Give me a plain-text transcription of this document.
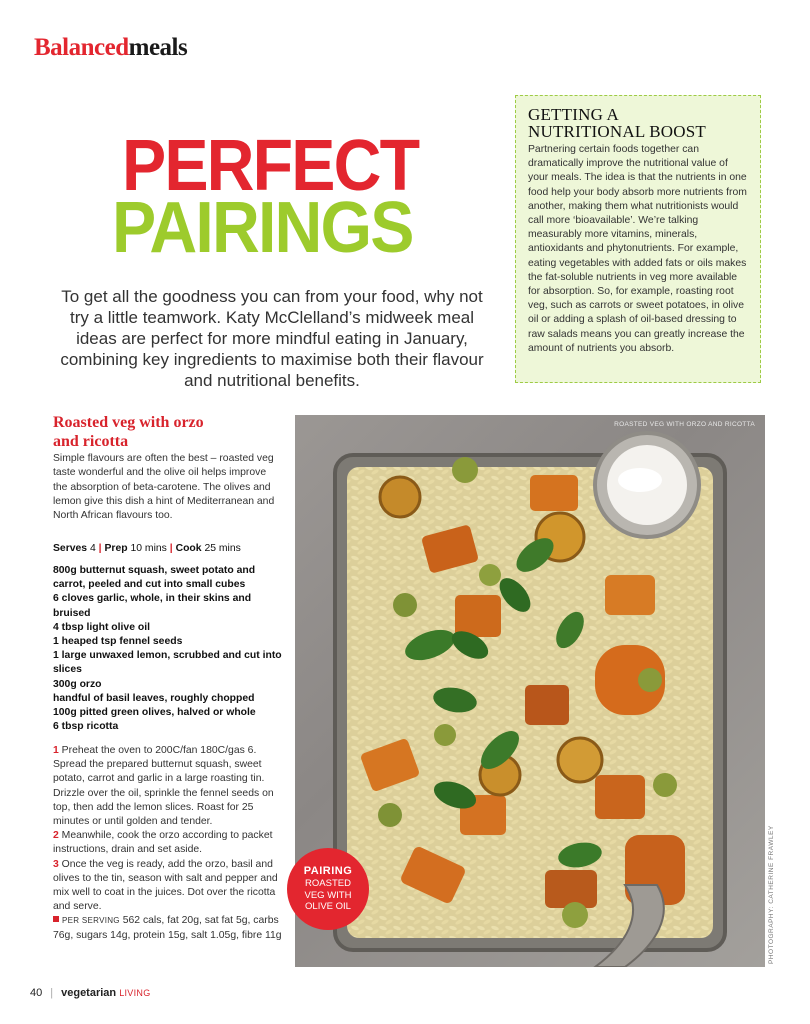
Balancedmeals
PERFECT
PAIRINGS
To get all the goodness you can from your food, why not try a little teamwork. Katy McClelland’s midweek meal ideas are perfect for more mindful eating in January, combining key ingredients to maximise both their flavour and nutritional benefits.
GETTING A
NUTRITIONAL BOOST

Partnering certain foods together can dramatically improve the nutritional value of your meals. The idea is that the nutrients in one food help your body absorb more nutrients from another, making them what nutritionists would call more ‘bioavailable’. We’re talking measurably more vitamins, minerals, antioxidants and phytonutrients. For example, eating vegetables with added fats or oils makes the fat-soluble nutrients in veg more available for absorption. So, for example, roasting root veg, such as carrots or sweet potatoes, in olive oil or adding a splash of oil-based dressing to raw salads means you can greatly increase the amount of nutrients you absorb.

Roasted veg with orzo
and ricotta
Simple flavours are often the best – roasted veg taste wonderful and the olive oil helps improve the absorption of beta-carotene. The olives and lemon give this dish a hint of Mediterranean and North African flavours too.
Serves 4 | Prep 10 mins | Cook 25 mins
800g butternut squash, sweet potato and carrot, peeled and cut into small cubes
6 cloves garlic, whole, in their skins and bruised
4 tbsp light olive oil
1 heaped tsp fennel seeds
1 large unwaxed lemon, scrubbed and cut into slices
300g orzo
handful of basil leaves, roughly chopped
100g pitted green olives, halved or whole
6 tbsp ricotta

1 Preheat the oven to 200C/fan 180C/gas 6. Spread the prepared butternut squash, sweet potato, carrot and garlic in a large roasting tin. Drizzle over the oil, sprinkle the fennel seeds on top, then add the lemon slices. Roast for 25 minutes or until golden and tender.

2 Meanwhile, cook the orzo according to packet instructions, drain and set aside.

3 Once the veg is ready, add the orzo, basil and olives to the tin, season with salt and pepper and mix well to coat in the juices. Dot over the ricotta and serve.

PER SERVING 562 cals, fat 20g, sat fat 5g, carbs 76g, sugars 14g, protein 15g, salt 1.05g, fibre 11g

ROASTED VEG WITH ORZO AND RICOTTA
PHOTOGRAPHY: CATHERINE FRAWLEY
PAIRING
ROASTED
VEG WITH
OLIVE OIL
40 | vegetarian LIVING
